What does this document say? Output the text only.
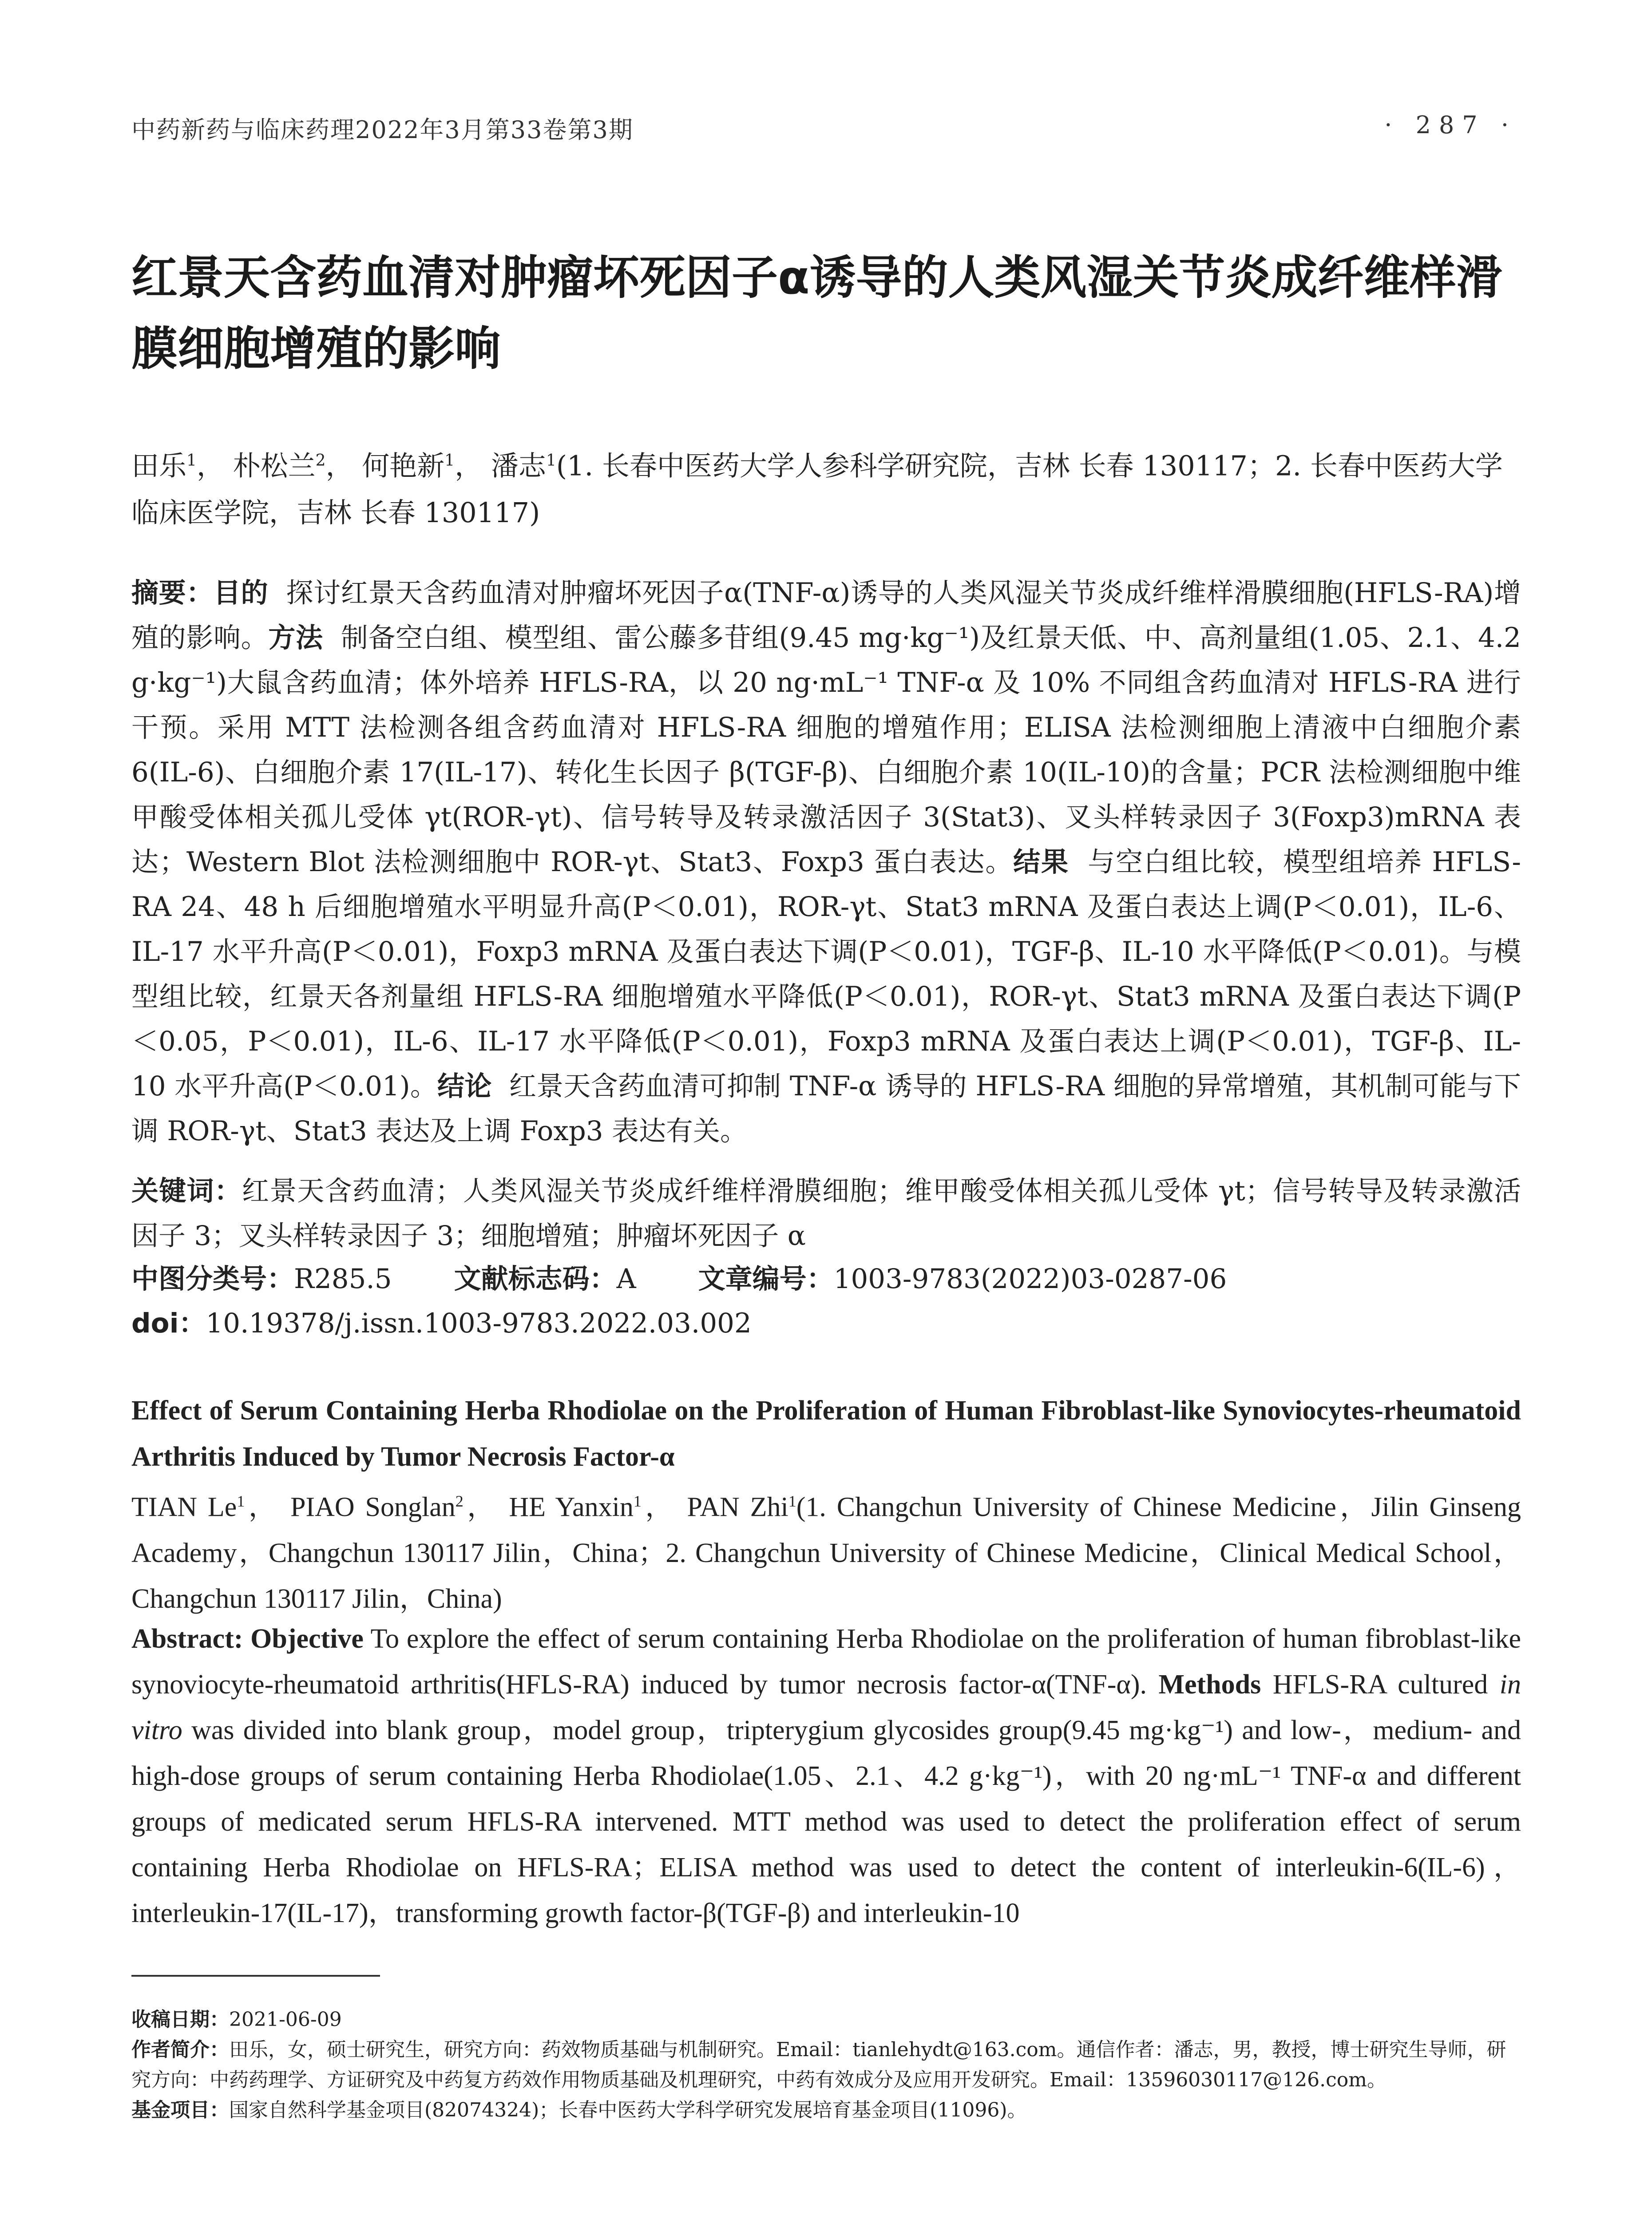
中药新药与临床药理2022年3月第33卷第3期	· 287 ·
红景天含药血清对肿瘤坏死因子α诱导的人类风湿关节炎成纤维样滑膜细胞增殖的影响
田乐$^1$， 朴松兰$^2$， 何艳新$^1$， 潘志$^1$(1. 长春中医药大学人参科学研究院，吉林 长春 130117；2. 长春中医药大学临床医学院，吉林 长春 130117)

摘要：目的 探讨红景天含药血清对肿瘤坏死因子α(TNF-α)诱导的人类风湿关节炎成纤维样滑膜细胞(HFLS-RA)增殖的影响。方法 制备空白组、模型组、雷公藤多苷组(9.45 mg·kg⁻¹)及红景天低、中、高剂量组(1.05、2.1、4.2 g·kg⁻¹)大鼠含药血清；体外培养 HFLS-RA，以 20 ng·mL⁻¹ TNF-α 及 10% 不同组含药血清对 HFLS-RA 进行干预。采用 MTT 法检测各组含药血清对 HFLS-RA 细胞的增殖作用；ELISA 法检测细胞上清液中白细胞介素 6(IL-6)、白细胞介素 17(IL-17)、转化生长因子 β(TGF-β)、白细胞介素 10(IL-10)的含量；PCR 法检测细胞中维甲酸受体相关孤儿受体 γt(ROR-γt)、信号转导及转录激活因子 3(Stat3)、叉头样转录因子 3(Foxp3)mRNA 表达；Western Blot 法检测细胞中 ROR-γt、Stat3、Foxp3 蛋白表达。结果 与空白组比较，模型组培养 HFLS-RA 24、48 h 后细胞增殖水平明显升高(P＜0.01)，ROR-γt、Stat3 mRNA 及蛋白表达上调(P＜0.01)，IL-6、IL-17 水平升高(P＜0.01)，Foxp3 mRNA 及蛋白表达下调(P＜0.01)，TGF-β、IL-10 水平降低(P＜0.01)。与模型组比较，红景天各剂量组 HFLS-RA 细胞增殖水平降低(P＜0.01)，ROR-γt、Stat3 mRNA 及蛋白表达下调(P＜0.05，P＜0.01)，IL-6、IL-17 水平降低(P＜0.01)，Foxp3 mRNA 及蛋白表达上调(P＜0.01)，TGF-β、IL-10 水平升高(P＜0.01)。结论 红景天含药血清可抑制 TNF-α 诱导的 HFLS-RA 细胞的异常增殖，其机制可能与下调 ROR-γt、Stat3 表达及上调 Foxp3 表达有关。

关键词：红景天含药血清；人类风湿关节炎成纤维样滑膜细胞；维甲酸受体相关孤儿受体 γt；信号转导及转录激活因子 3；叉头样转录因子 3；细胞增殖；肿瘤坏死因子 α
中图分类号：R285.5 文献标志码：A 文章编号：1003-9783(2022)03-0287-06
doi：10.19378/j.issn.1003-9783.2022.03.002
Effect of Serum Containing Herba Rhodiolae on the Proliferation of Human Fibroblast-like Synoviocytes-rheumatoid Arthritis Induced by Tumor Necrosis Factor-α
TIAN Le$^1$， PIAO Songlan$^2$， HE Yanxin$^1$， PAN Zhi$^1$(1. Changchun University of Chinese Medicine，Jilin Ginseng Academy，Changchun 130117 Jilin，China；2. Changchun University of Chinese Medicine，Clinical Medical School，Changchun 130117 Jilin，China)
Abstract: Objective To explore the effect of serum containing Herba Rhodiolae on the proliferation of human fibroblast-like synoviocyte-rheumatoid arthritis(HFLS-RA) induced by tumor necrosis factor-α(TNF-α). Methods HFLS-RA cultured in vitro was divided into blank group，model group，tripterygium glycosides group(9.45 mg·kg⁻¹) and low-，medium- and high-dose groups of serum containing Herba Rhodiolae(1.05、2.1、4.2 g·kg⁻¹)，with 20 ng·mL⁻¹ TNF-α and different groups of medicated serum HFLS-RA intervened. MTT method was used to detect the proliferation effect of serum containing Herba Rhodiolae on HFLS-RA；ELISA method was used to detect the content of interleukin-6(IL-6)，interleukin-17(IL-17)，transforming growth factor-β(TGF-β) and interleukin-10

收稿日期：2021-06-09

作者简介：田乐，女，硕士研究生，研究方向：药效物质基础与机制研究。Email：tianlehydt@163.com。通信作者：潘志，男，教授，博士研究生导师，研究方向：中药药理学、方证研究及中药复方药效作用物质基础及机理研究，中药有效成分及应用开发研究。Email：13596030117@126.com。

基金项目：国家自然科学基金项目(82074324)；长春中医药大学科学研究发展培育基金项目(11096)。
